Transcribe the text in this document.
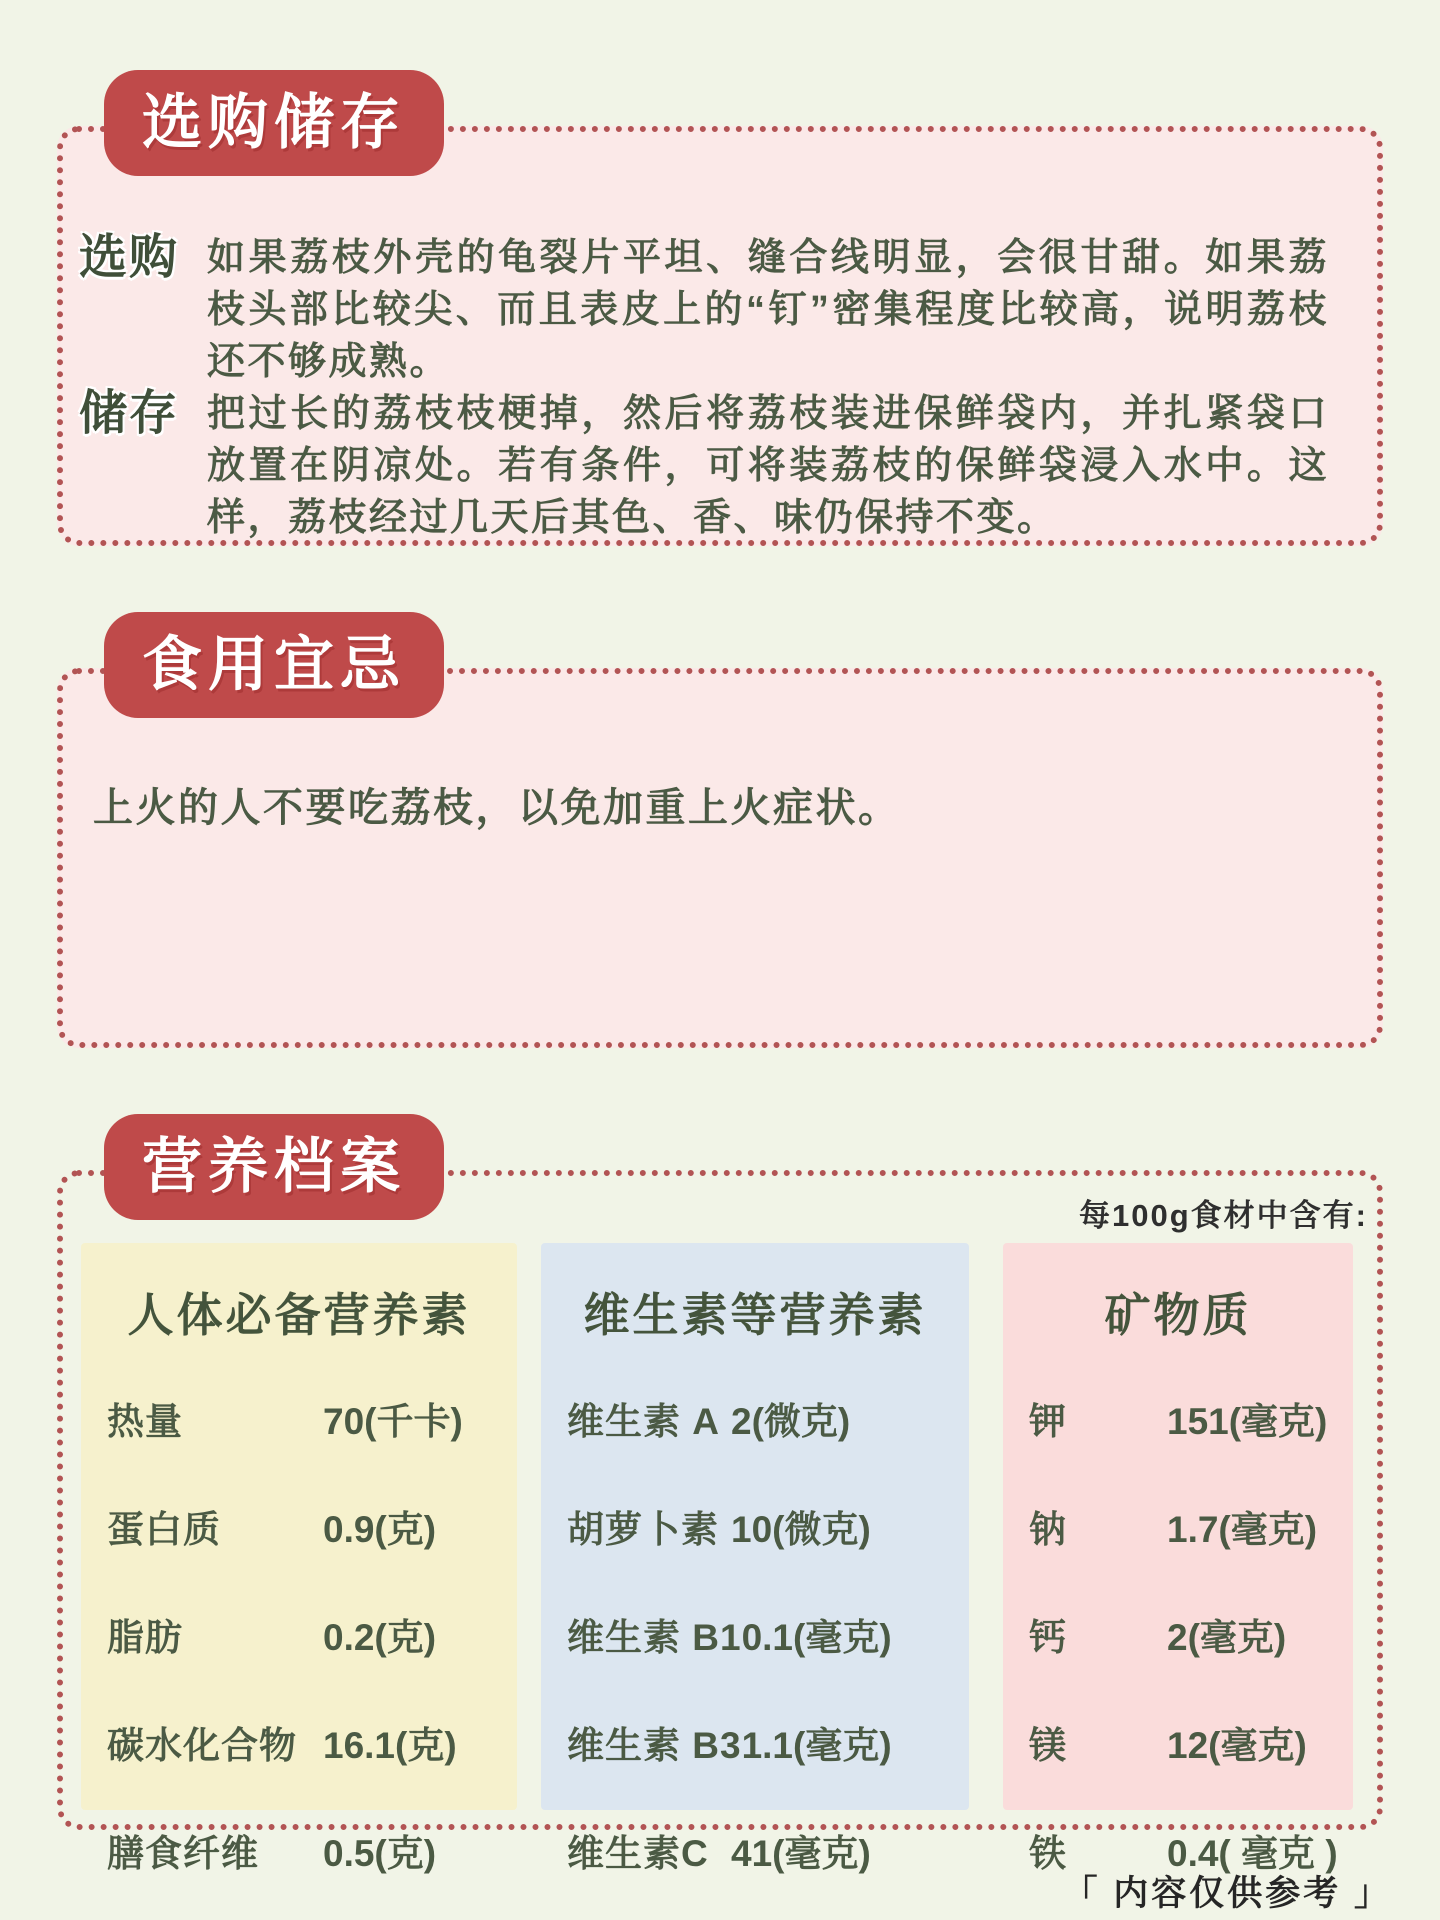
选购储存
选购 如果荔枝外壳的龟裂片平坦、缝合线明显，会很甘甜。如果荔枝头部比较尖、而且表皮上的“钉”密集程度比较高，说明荔枝还不够成熟。
储存 把过长的荔枝枝梗掉，然后将荔枝装进保鲜袋内，并扎紧袋口放置在阴凉处。若有条件，可将装荔枝的保鲜袋浸入水中。这样，荔枝经过几天后其色、香、味仍保持不变。
食用宜忌
上火的人不要吃荔枝，以免加重上火症状。
营养档案
每100g食材中含有:
人体必备营养素
热量	70(千卡)
蛋白质	0.9(克)
脂肪	0.2(克)
碳水化合物 16.1(克)
膳食纤维	0.5(克)
维生素等营养素
维生素 A 2(微克)
胡萝卜素 10(微克)
维生素 B1 0.1(毫克)
维生素 B3 1.1(毫克)
维生素C 41(毫克)
矿物质
钾	151(毫克)
钠	1.7(毫克)
钙	2(毫克)
镁	12(毫克)
铁	0.4( 毫克 )
「 内容仅供参考 」
